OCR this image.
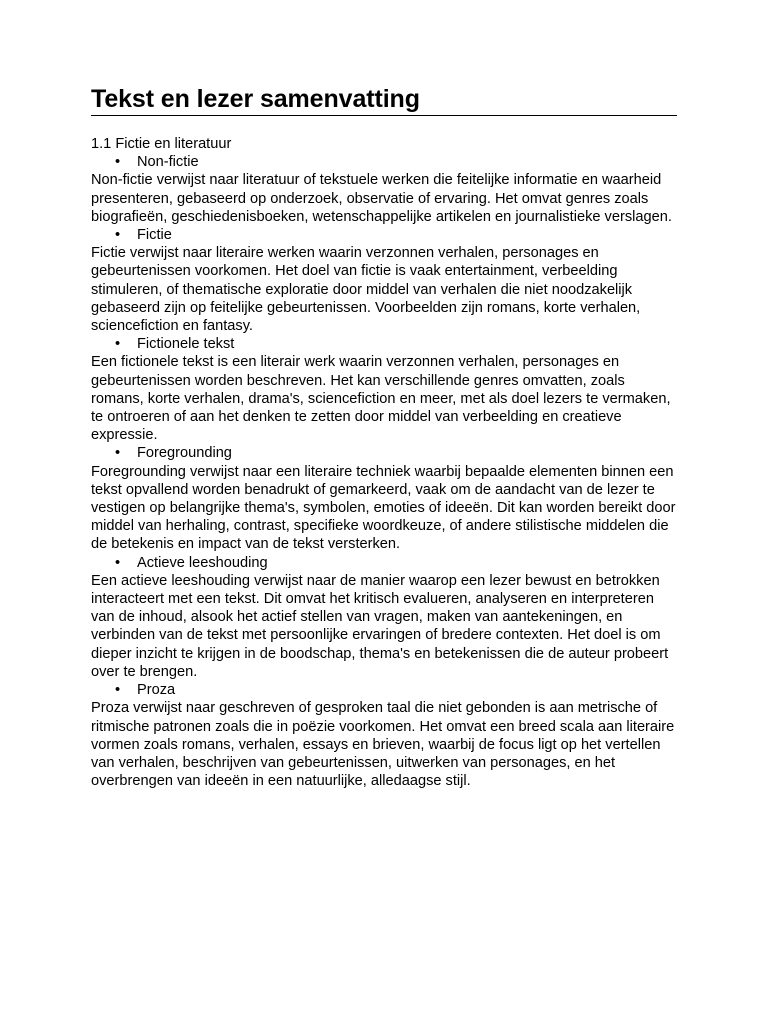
Tekst en lezer samenvatting

1.1 Fictie en literatuur

• Non-fictie

Non-fictie verwijst naar literatuur of tekstuele werken die feitelijke informatie en waarheid presenteren, gebaseerd op onderzoek, observatie of ervaring. Het omvat genres zoals biografieën, geschiedenisboeken, wetenschappelijke artikelen en journalistieke verslagen.

• Fictie

Fictie verwijst naar literaire werken waarin verzonnen verhalen, personages en gebeurtenissen voorkomen. Het doel van fictie is vaak entertainment, verbeelding stimuleren, of thematische exploratie door middel van verhalen die niet noodzakelijk gebaseerd zijn op feitelijke gebeurtenissen. Voorbeelden zijn romans, korte verhalen, sciencefiction en fantasy.

• Fictionele tekst

Een fictionele tekst is een literair werk waarin verzonnen verhalen, personages en gebeurtenissen worden beschreven. Het kan verschillende genres omvatten, zoals romans, korte verhalen, drama's, sciencefiction en meer, met als doel lezers te vermaken, te ontroeren of aan het denken te zetten door middel van verbeelding en creatieve expressie.

• Foregrounding

Foregrounding verwijst naar een literaire techniek waarbij bepaalde elementen binnen een tekst opvallend worden benadrukt of gemarkeerd, vaak om de aandacht van de lezer te vestigen op belangrijke thema's, symbolen, emoties of ideeën. Dit kan worden bereikt door middel van herhaling, contrast, specifieke woordkeuze, of andere stilistische middelen die de betekenis en impact van de tekst versterken.

• Actieve leeshouding

Een actieve leeshouding verwijst naar de manier waarop een lezer bewust en betrokken interacteert met een tekst. Dit omvat het kritisch evalueren, analyseren en interpreteren van de inhoud, alsook het actief stellen van vragen, maken van aantekeningen, en verbinden van de tekst met persoonlijke ervaringen of bredere contexten. Het doel is om dieper inzicht te krijgen in de boodschap, thema's en betekenissen die de auteur probeert over te brengen.

• Proza

Proza verwijst naar geschreven of gesproken taal die niet gebonden is aan metrische of ritmische patronen zoals die in poëzie voorkomen. Het omvat een breed scala aan literaire vormen zoals romans, verhalen, essays en brieven, waarbij de focus ligt op het vertellen van verhalen, beschrijven van gebeurtenissen, uitwerken van personages, en het overbrengen van ideeën in een natuurlijke, alledaagse stijl.
